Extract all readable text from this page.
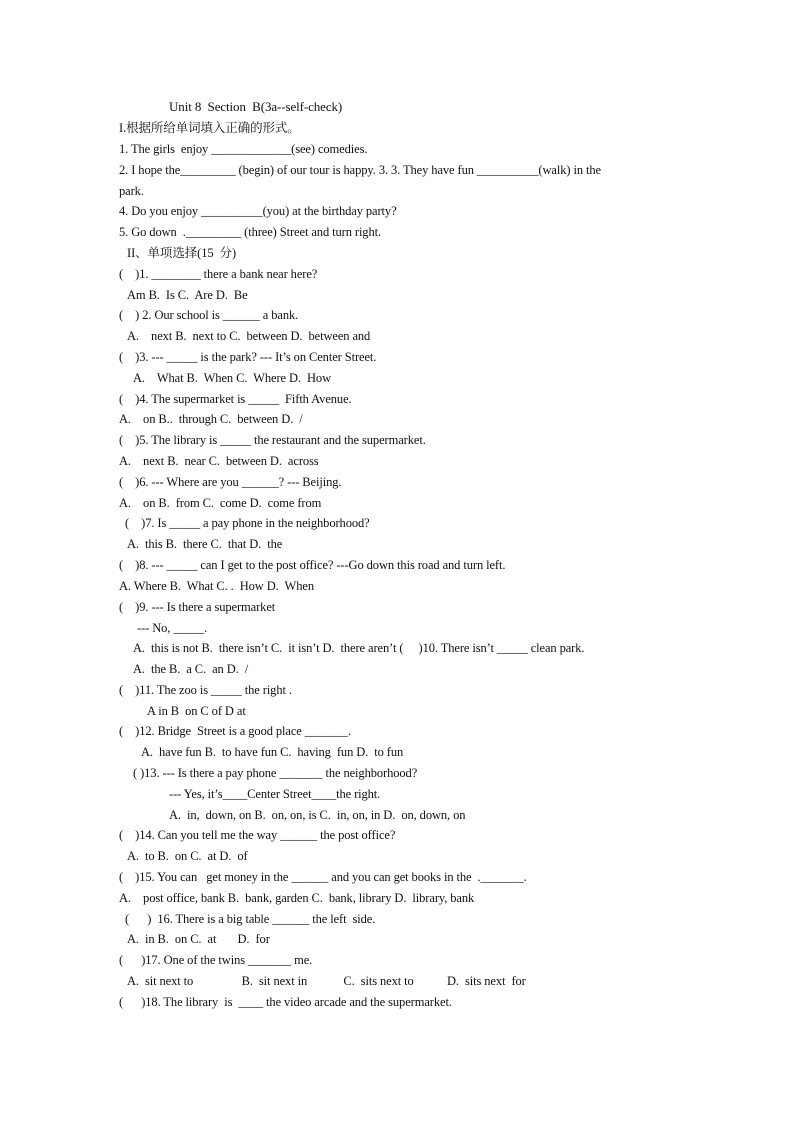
Unit 8  Section  B(3a--self-check)

I.根据所给单词填入正确的形式。

1. The girls  enjoy _____________(see) comedies.

2. I hope the_________ (begin) of our tour is happy. 3. 3. They have fun __________(walk) in the

park.

4. Do you enjoy __________(you) at the birthday party?

5. Go down  ._________ (three) Street and turn right.

II、单项选择(15  分)

(    )1. ________ there a bank near here?

Am B.  Is C.  Are D.  Be

(    ) 2. Our school is ______ a bank.

A.    next B.  next to C.  between D.  between and

(    )3. --- _____ is the park? --- It’s on Center Street.

A.    What B.  When C.  Where D.  How

(    )4. The supermarket is _____  Fifth Avenue.

A.    on B..  through C.  between D.  /

(    )5. The library is _____ the restaurant and the supermarket.

A.    next B.  near C.  between D.  across

(    )6. --- Where are you ______? --- Beijing.

A.    on B.  from C.  come D.  come from

(    )7. Is _____ a pay phone in the neighborhood?

A.  this B.  there C.  that D.  the

(    )8. --- _____ can I get to the post office? ---Go down this road and turn left.

A. Where B.  What C. .  How D.  When

(    )9. --- Is there a supermarket

--- No, _____.

A.  this is not B.  there isn’t C.  it isn’t D.  there aren’t (     )10. There isn’t _____ clean park.

A.  the B.  a C.  an D.  /

(    )11. The zoo is _____ the right .

A in B  on C of D at

(    )12. Bridge  Street is a good place _______.

A.  have fun B.  to have fun C.  having  fun D.  to fun

( )13. --- Is there a pay phone _______ the neighborhood?

--- Yes, it’s____Center Street____the right.

A.  in,  down, on B.  on, on, is C.  in, on, in D.  on, down, on

(    )14. Can you tell me the way ______ the post office?

A.  to B.  on C.  at D.  of

(    )15. You can   get money in the ______ and you can get books in the  ._______.

A.    post office, bank B.  bank, garden C.  bank, library D.  library, bank

(      )  16. There is a big table ______ the left  side.

A.  in B.  on C.  at       D.  for

(      )17. One of the twins _______ me.

A.  sit next to                B.  sit next in            C.  sits next to           D.  sits next  for

(      )18. The library  is  ____ the video arcade and the supermarket.
